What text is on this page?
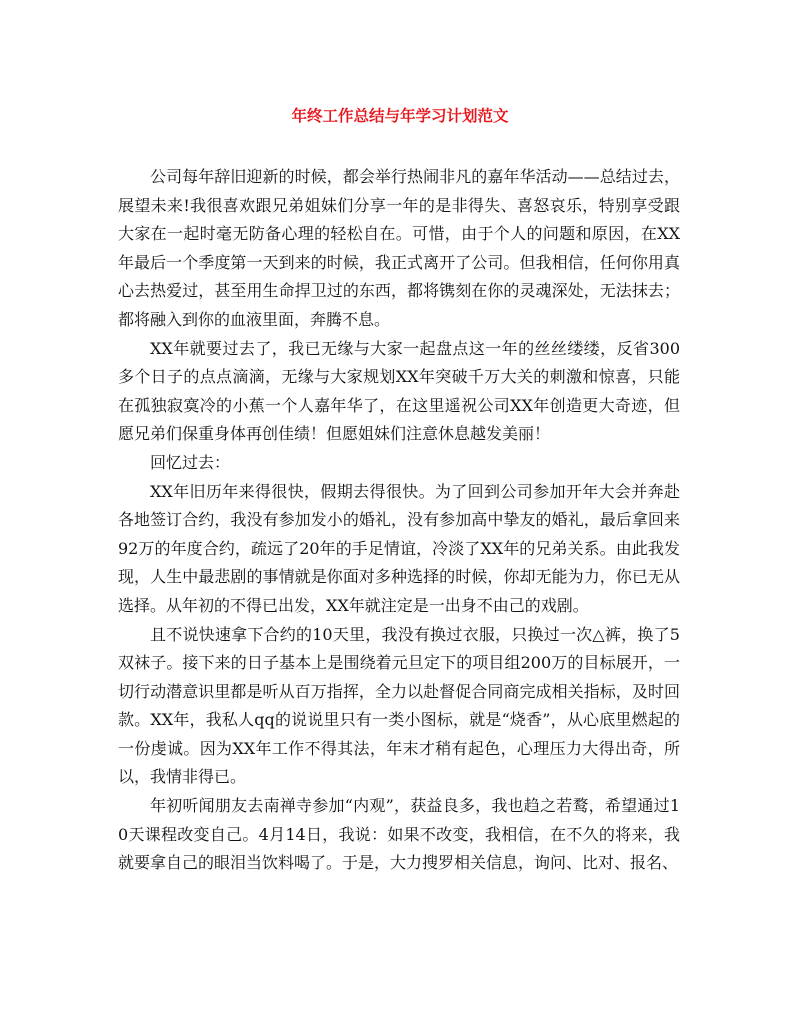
年终工作总结与年学习计划范文

公司每年辞旧迎新的时候，都会举行热闹非凡的嘉年华活动——总结过去，展望未来!我很喜欢跟兄弟姐妹们分享一年的是非得失、喜怒哀乐，特别享受跟大家在一起时毫无防备心理的轻松自在。可惜，由于个人的问题和原因，在XX年最后一个季度第一天到来的时候，我正式离开了公司。但我相信，任何你用真心去热爱过，甚至用生命捍卫过的东西，都将镌刻在你的灵魂深处，无法抹去；都将融入到你的血液里面，奔腾不息。

XX年就要过去了，我已无缘与大家一起盘点这一年的丝丝缕缕，反省300多个日子的点点滴滴，无缘与大家规划XX年突破千万大关的刺激和惊喜，只能在孤独寂寞冷的小蕉一个人嘉年华了，在这里遥祝公司XX年创造更大奇迹，但愿兄弟们保重身体再创佳绩！但愿姐妹们注意休息越发美丽！

回忆过去：

XX年旧历年来得很快，假期去得很快。为了回到公司参加开年大会并奔赴各地签订合约，我没有参加发小的婚礼，没有参加高中挚友的婚礼，最后拿回来92万的年度合约，疏远了20年的手足情谊，冷淡了XX年的兄弟关系。由此我发现，人生中最悲剧的事情就是你面对多种选择的时候，你却无能为力，你已无从选择。从年初的不得已出发，XX年就注定是一出身不由己的戏剧。

且不说快速拿下合约的10天里，我没有换过衣服，只换过一次△裤，换了5双袜子。接下来的日子基本上是围绕着元旦定下的项目组200万的目标展开，一切行动潜意识里都是听从百万指挥，全力以赴督促合同商完成相关指标，及时回款。XX年，我私人qq的说说里只有一类小图标，就是“烧香”，从心底里燃起的一份虔诚。因为XX年工作不得其法，年末才稍有起色，心理压力大得出奇，所以，我情非得已。

年初听闻朋友去南禅寺参加“内观”，获益良多，我也趋之若鹜，希望通过10天课程改变自己。4月14日，我说：如果不改变，我相信，在不久的将来，我就要拿自己的眼泪当饮料喝了。于是，大力搜罗相关信息，询问、比对、报名、
